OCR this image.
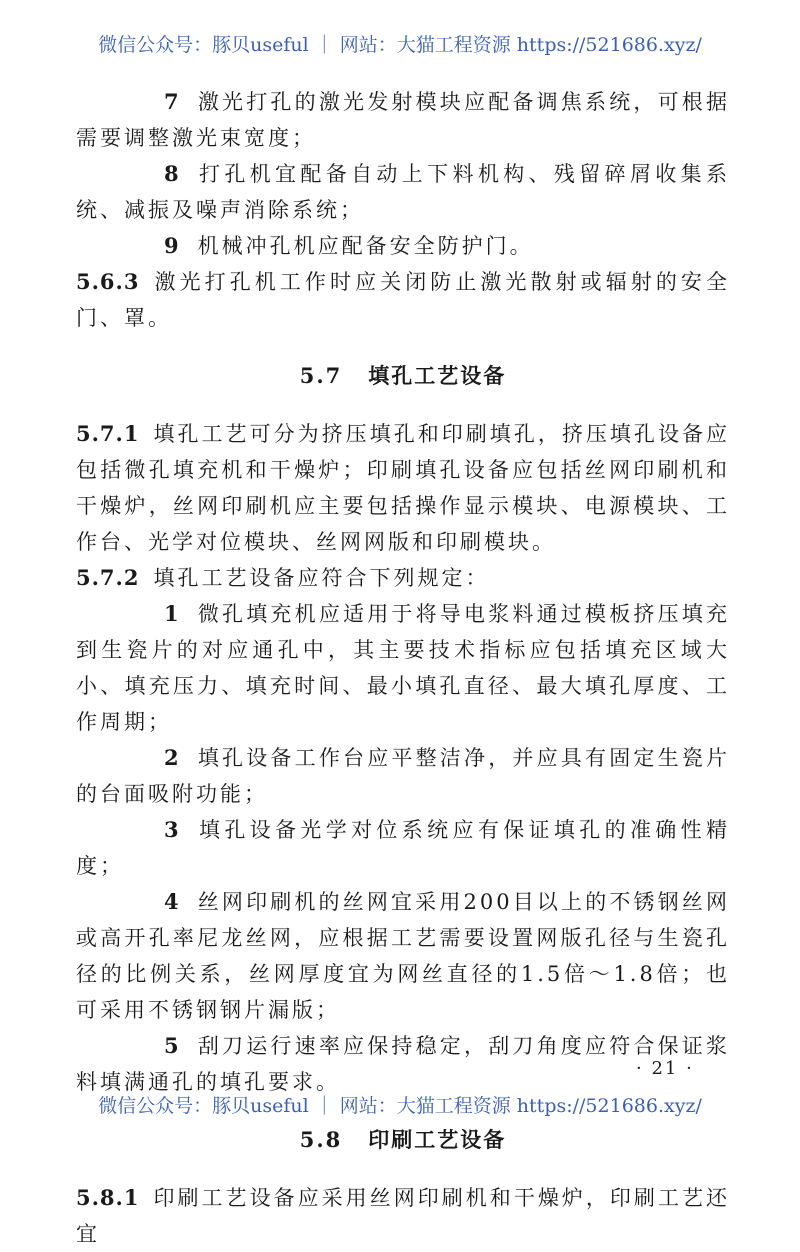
微信公众号：豚贝useful ｜ 网站：大猫工程资源 https://521686.xyz/

7 激光打孔的激光发射模块应配备调焦系统，可根据需要调整激光束宽度；

8 打孔机宜配备自动上下料机构、残留碎屑收集系统、减振及噪声消除系统；

9 机械冲孔机应配备安全防护门。

5.6.3 激光打孔机工作时应关闭防止激光散射或辐射的安全门、罩。

5.7 填孔工艺设备

5.7.1 填孔工艺可分为挤压填孔和印刷填孔，挤压填孔设备应包括微孔填充机和干燥炉；印刷填孔设备应包括丝网印刷机和干燥炉，丝网印刷机应主要包括操作显示模块、电源模块、工作台、光学对位模块、丝网网版和印刷模块。

5.7.2 填孔工艺设备应符合下列规定：

1 微孔填充机应适用于将导电浆料通过模板挤压填充到生瓷片的对应通孔中，其主要技术指标应包括填充区域大小、填充压力、填充时间、最小填孔直径、最大填孔厚度、工作周期；

2 填孔设备工作台应平整洁净，并应具有固定生瓷片的台面吸附功能；

3 填孔设备光学对位系统应有保证填孔的准确性精度；

4 丝网印刷机的丝网宜采用200目以上的不锈钢丝网或高开孔率尼龙丝网，应根据工艺需要设置网版孔径与生瓷孔径的比例关系，丝网厚度宜为网丝直径的1.5倍～1.8倍；也可采用不锈钢钢片漏版；

5 刮刀运行速率应保持稳定，刮刀角度应符合保证浆料填满通孔的填孔要求。

5.8 印刷工艺设备

5.8.1 印刷工艺设备应采用丝网印刷机和干燥炉，印刷工艺还宜

· 21 ·
微信公众号：豚贝useful ｜ 网站：大猫工程资源 https://521686.xyz/
